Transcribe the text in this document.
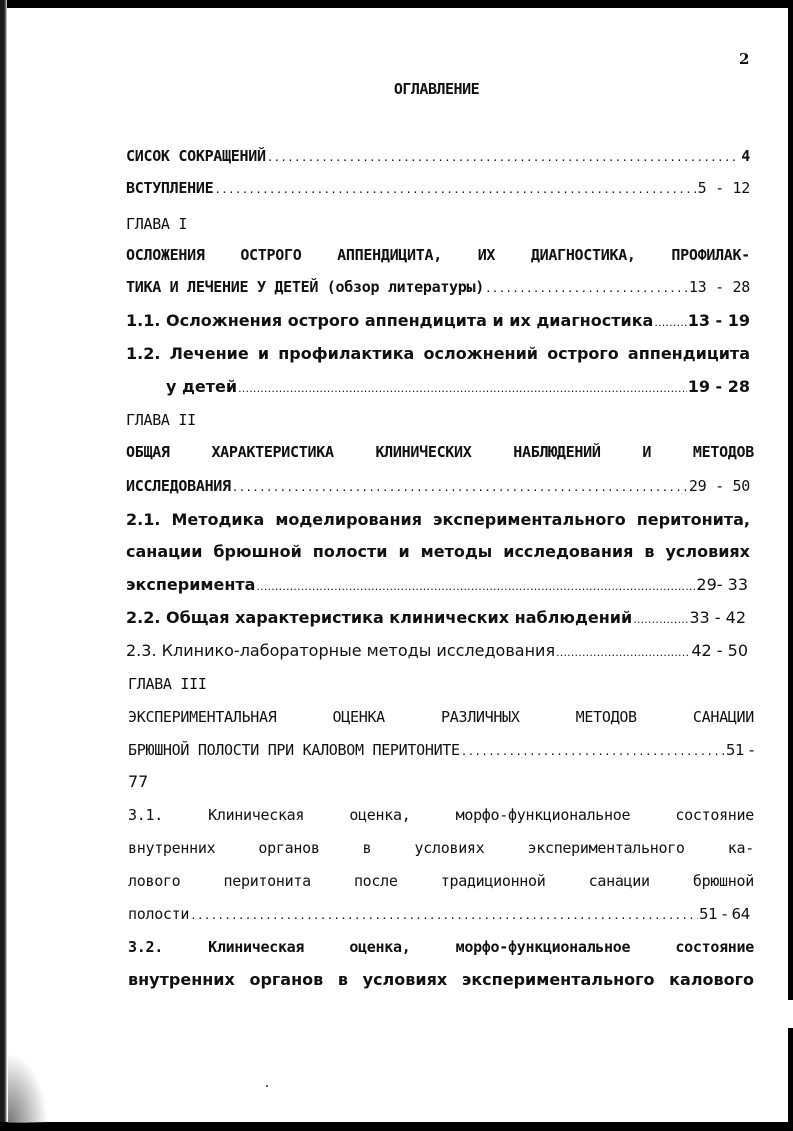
2
ОГЛАВЛЕНИЕ
СИСОК СОКРАЩЕНИЙ .....	4
ВСТУПЛЕНИЕ .....	5 - 12
ГЛАВА I
ОСЛОЖЕНИЯ ОСТРОГО АППЕНДИЦИТА, ИХ ДИАГНОСТИКА, ПРОФИЛАК-
ТИКА И ЛЕЧЕНИЕ У ДЕТЕЙ (обзор литературы) .....	13 - 28
1.1. Осложнения острого аппендицита и их диагностика ..... 13 - 19
1.2. Лечение и профилактика осложнений острого аппендицита
у детей .....	19 - 28
ГЛАВА II
ОБЩАЯ ХАРАКТЕРИСТИКА КЛИНИЧЕСКИХ НАБЛЮДЕНИЙ И МЕТОДОВ
ИССЛЕДОВАНИЯ .....	29 - 50
2.1. Методика моделирования экспериментального перитонита,
санации брюшной полости и методы исследования в условиях
эксперимента .....	29- 33
2.2. Общая характеристика клинических наблюдений .....	33 - 42
2.3. Клинико-лабораторные методы исследования .....	42 - 50
ГЛАВА III
ЭКСПЕРИМЕНТАЛЬНАЯ ОЦЕНКА РАЗЛИЧНЫХ МЕТОДОВ САНАЦИИ
БРЮШНОЙ ПОЛОСТИ ПРИ КАЛОВОМ ПЕРИТОНИТЕ .....	51 -
77
3.1. Клиническая оценка, морфо-функциональное состояние
внутренних органов в условиях экспериментального ка-
лового перитонита после традиционной санации брюшной
полости .....	51 - 64
3.2. Клиническая оценка, морфо-функциональное состояние
внутренних органов в условиях экспериментального калового
